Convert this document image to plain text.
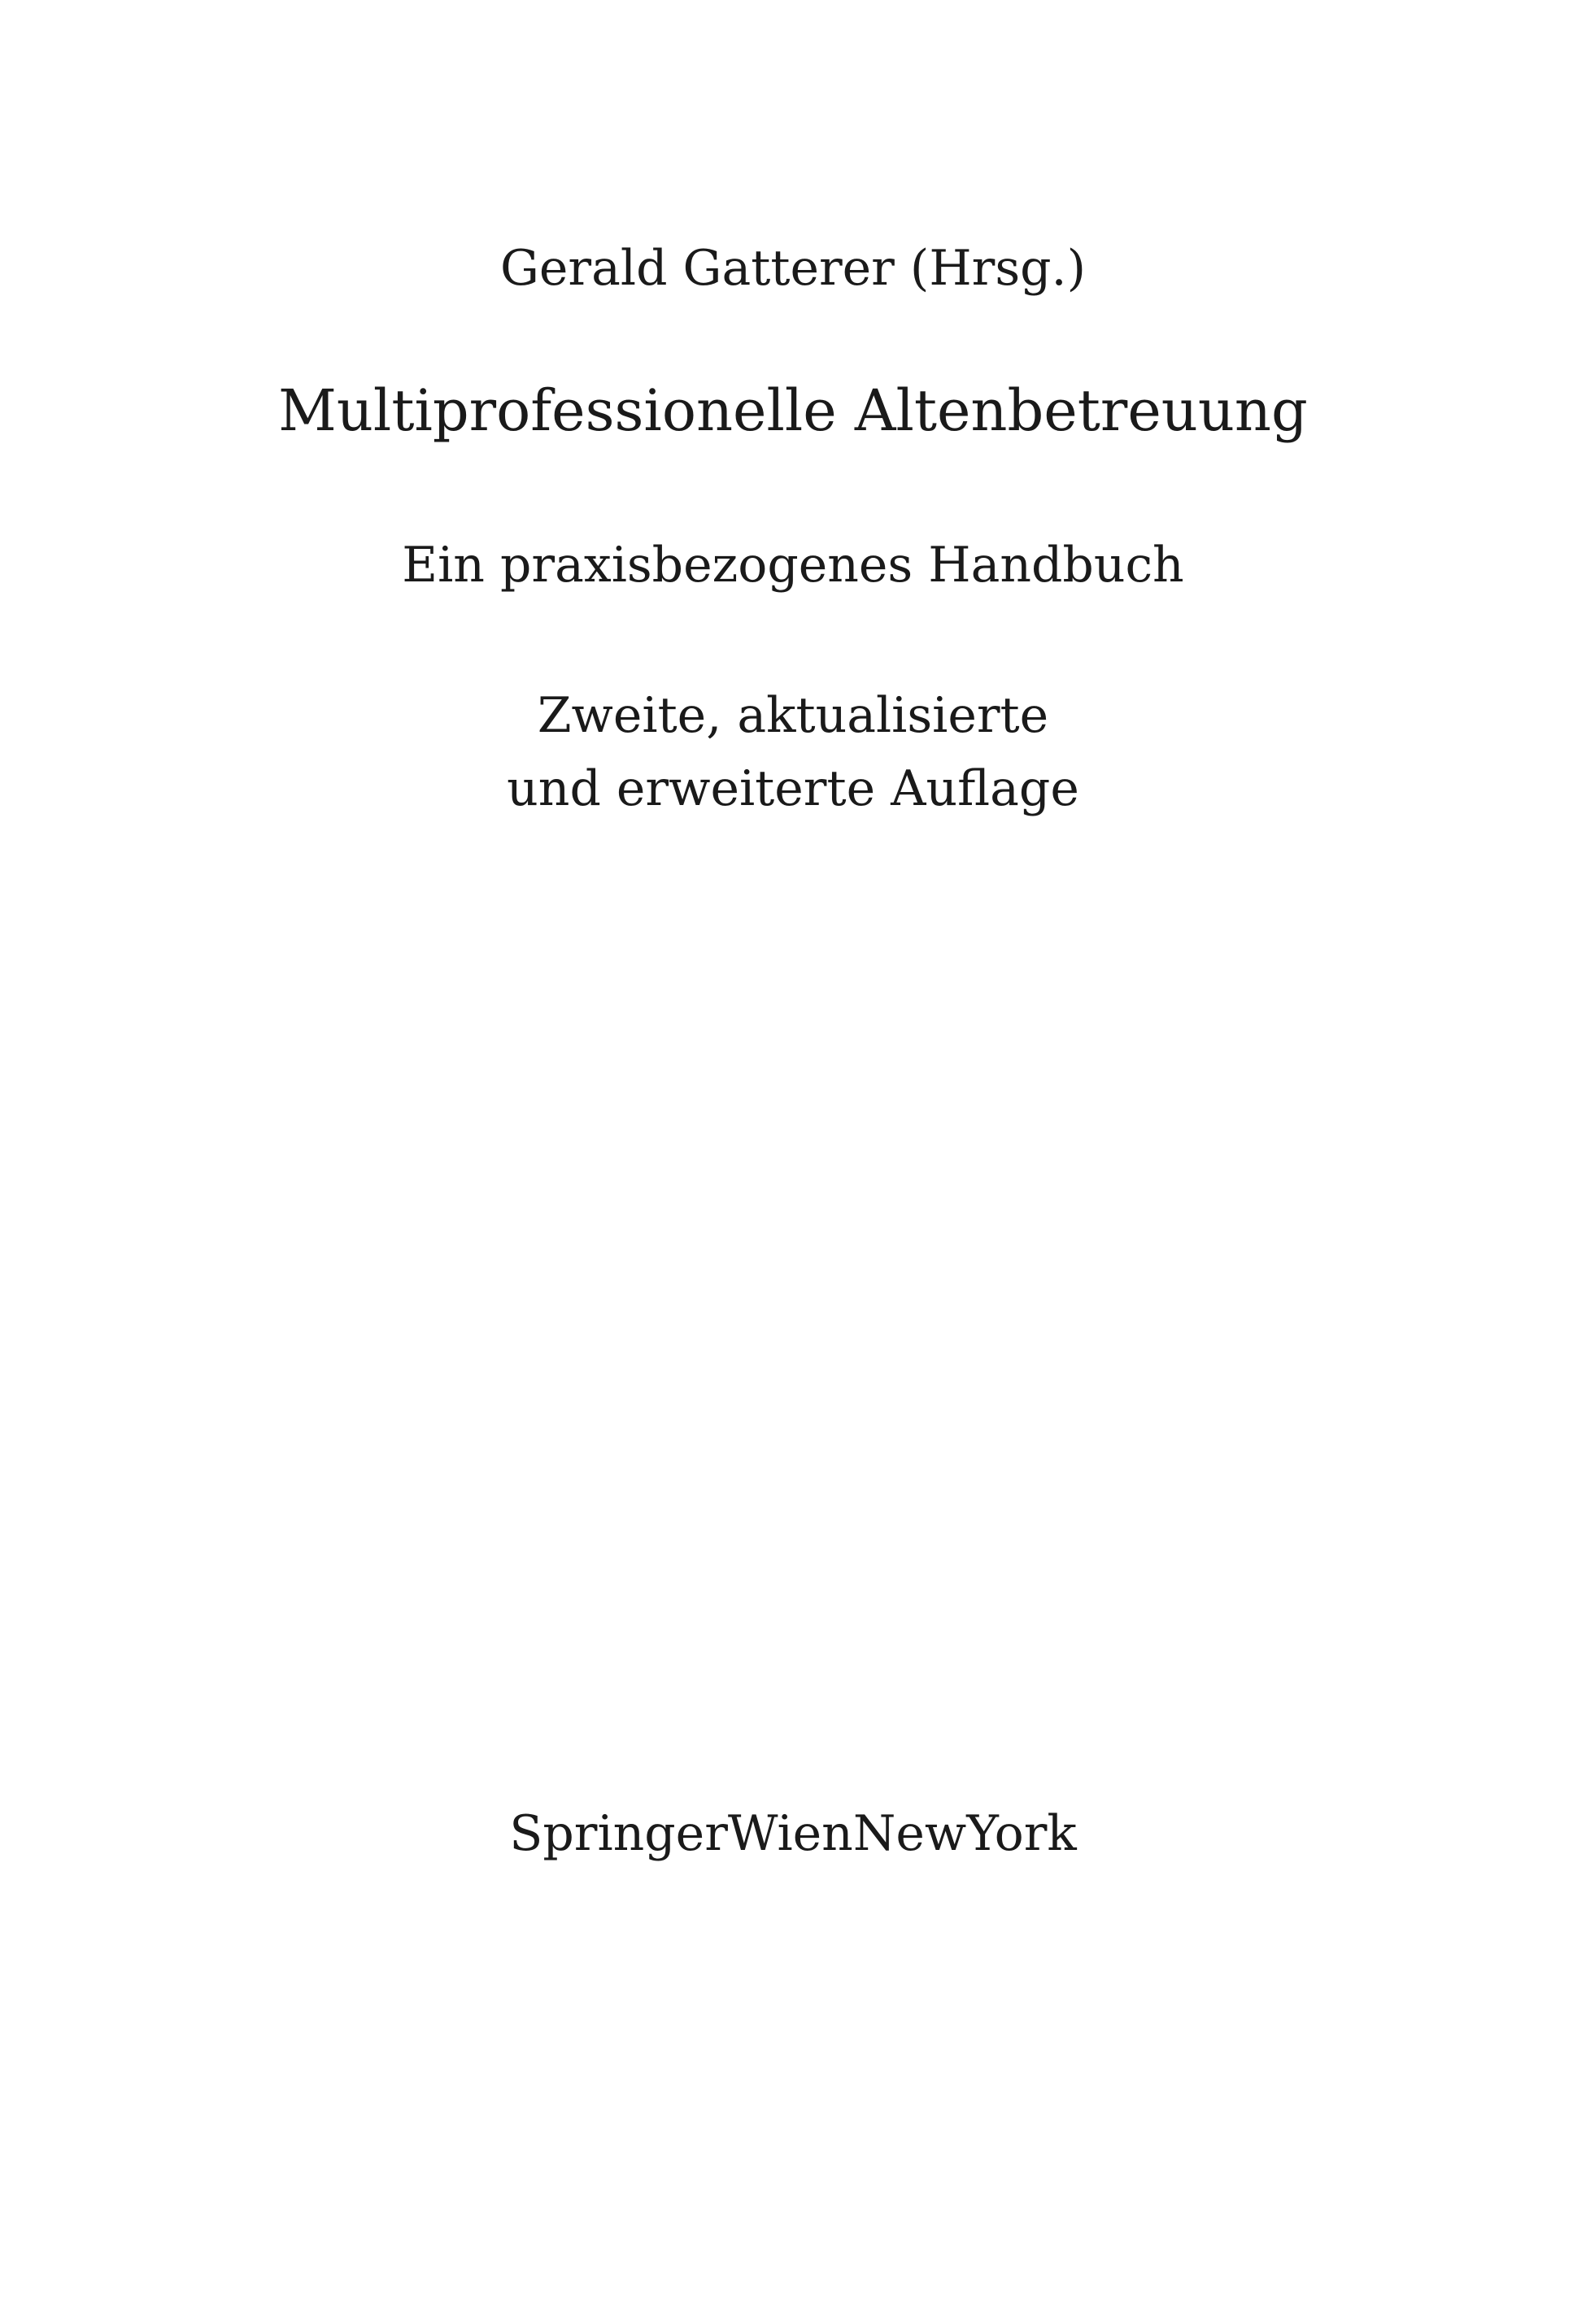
Gerald Gatterer (Hrsg.)
Multiprofessionelle Altenbetreuung
Ein praxisbezogenes Handbuch
Zweite, aktualisierte
und erweiterte Auflage
SpringerWienNewYork
